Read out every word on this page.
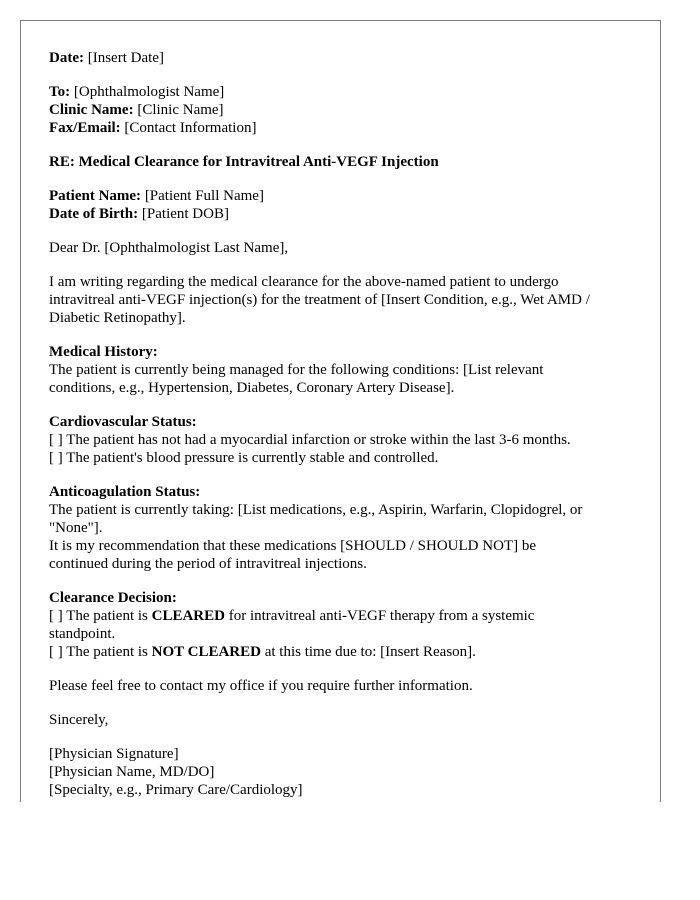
Date: [Insert Date]
To: [Ophthalmologist Name]
Clinic Name: [Clinic Name]
Fax/Email: [Contact Information]
RE: Medical Clearance for Intravitreal Anti-VEGF Injection
Patient Name: [Patient Full Name]
Date of Birth: [Patient DOB]
Dear Dr. [Ophthalmologist Last Name],
I am writing regarding the medical clearance for the above-named patient to undergo
intravitreal anti-VEGF injection(s) for the treatment of [Insert Condition, e.g., Wet AMD /
Diabetic Retinopathy].
Medical History:
The patient is currently being managed for the following conditions: [List relevant
conditions, e.g., Hypertension, Diabetes, Coronary Artery Disease].
Cardiovascular Status:
[ ] The patient has not had a myocardial infarction or stroke within the last 3-6 months.
[ ] The patient's blood pressure is currently stable and controlled.
Anticoagulation Status:
The patient is currently taking: [List medications, e.g., Aspirin, Warfarin, Clopidogrel, or
"None"].
It is my recommendation that these medications [SHOULD / SHOULD NOT] be
continued during the period of intravitreal injections.
Clearance Decision:
[ ] The patient is CLEARED for intravitreal anti-VEGF therapy from a systemic
standpoint.
[ ] The patient is NOT CLEARED at this time due to: [Insert Reason].
Please feel free to contact my office if you require further information.
Sincerely,
[Physician Signature]
[Physician Name, MD/DO]
[Specialty, e.g., Primary Care/Cardiology]
